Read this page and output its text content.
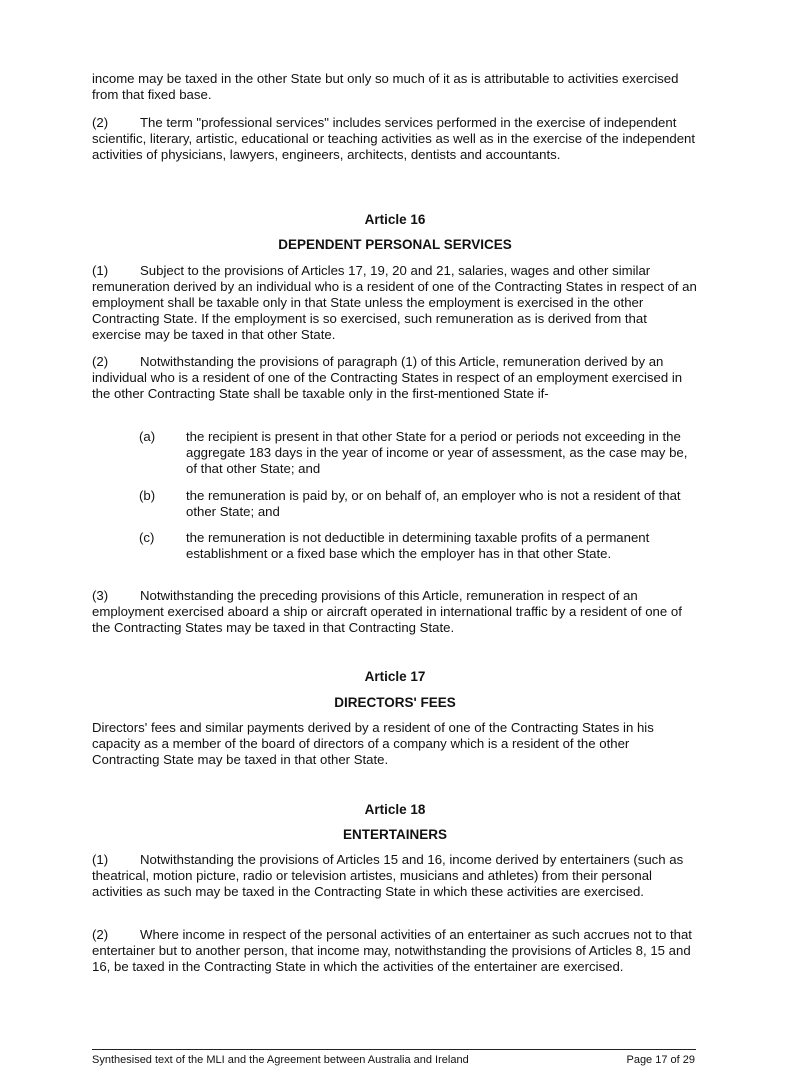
income may be taxed in the other State but only so much of it as is attributable to activities exercised from that fixed base.

(2) The term "professional services" includes services performed in the exercise of independent scientific, literary, artistic, educational or teaching activities as well as in the exercise of the independent activities of physicians, lawyers, engineers, architects, dentists and accountants.

Article 16

DEPENDENT PERSONAL SERVICES

(1) Subject to the provisions of Articles 17, 19, 20 and 21, salaries, wages and other similar remuneration derived by an individual who is a resident of one of the Contracting States in respect of an employment shall be taxable only in that State unless the employment is exercised in the other Contracting State. If the employment is so exercised, such remuneration as is derived from that exercise may be taxed in that other State.

(2) Notwithstanding the provisions of paragraph (1) of this Article, remuneration derived by an individual who is a resident of one of the Contracting States in respect of an employment exercised in the other Contracting State shall be taxable only in the first-mentioned State if-

(a)	the recipient is present in that other State for a period or periods not exceeding in the aggregate 183 days in the year of income or year of assessment, as the case may be, of that other State; and
(b)	the remuneration is paid by, or on behalf of, an employer who is not a resident of that other State; and
(c)	the remuneration is not deductible in determining taxable profits of a permanent establishment or a fixed base which the employer has in that other State.

(3) Notwithstanding the preceding provisions of this Article, remuneration in respect of an employment exercised aboard a ship or aircraft operated in international traffic by a resident of one of the Contracting States may be taxed in that Contracting State.

Article 17

DIRECTORS' FEES

Directors' fees and similar payments derived by a resident of one of the Contracting States in his capacity as a member of the board of directors of a company which is a resident of the other Contracting State may be taxed in that other State.

Article 18

ENTERTAINERS

(1) Notwithstanding the provisions of Articles 15 and 16, income derived by entertainers (such as theatrical, motion picture, radio or television artistes, musicians and athletes) from their personal activities as such may be taxed in the Contracting State in which these activities are exercised.

(2) Where income in respect of the personal activities of an entertainer as such accrues not to that entertainer but to another person, that income may, notwithstanding the provisions of Articles 8, 15 and 16, be taxed in the Contracting State in which the activities of the entertainer are exercised.

Synthesised text of the MLI and the Agreement between Australia and Ireland	Page 17 of 29
